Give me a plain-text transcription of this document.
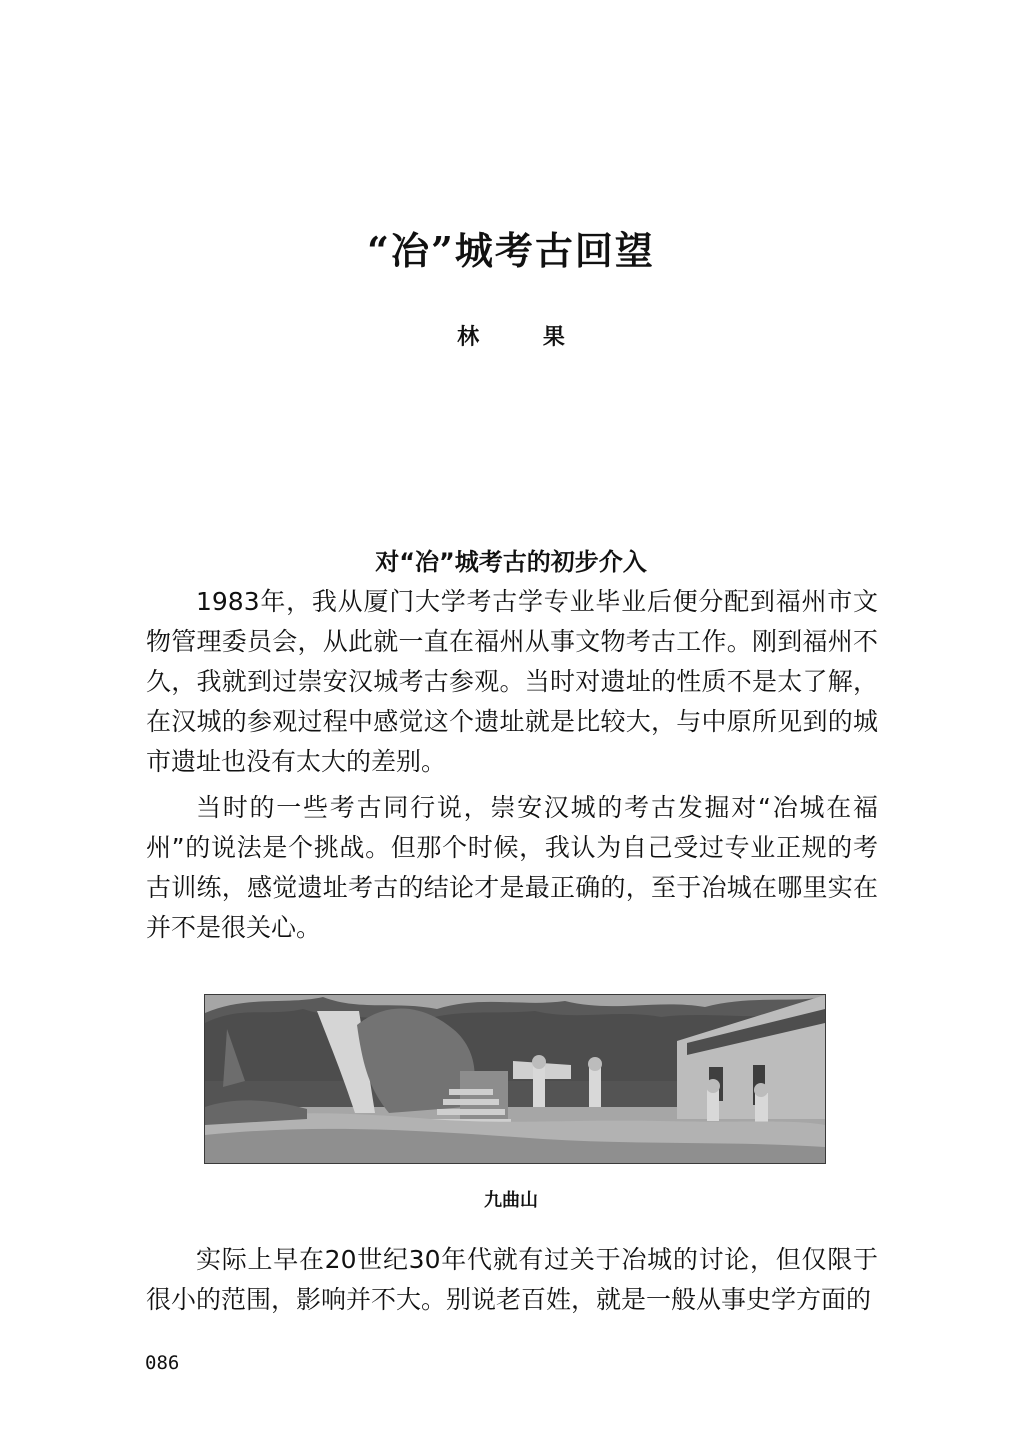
“冶”城考古回望
林 果
对“冶”城考古的初步介入

1983年，我从厦门大学考古学专业毕业后便分配到福州市文物管理委员会，从此就一直在福州从事文物考古工作。刚到福州不久，我就到过崇安汉城考古参观。当时对遗址的性质不是太了解，在汉城的参观过程中感觉这个遗址就是比较大，与中原所见到的城市遗址也没有太大的差别。

当时的一些考古同行说，崇安汉城的考古发掘对“冶城在福州”的说法是个挑战。但那个时候，我认为自己受过专业正规的考古训练，感觉遗址考古的结论才是最正确的，至于冶城在哪里实在并不是很关心。

九曲山

实际上早在20世纪30年代就有过关于冶城的讨论，但仅限于很小的范围，影响并不大。别说老百姓，就是一般从事史学方面的

086
